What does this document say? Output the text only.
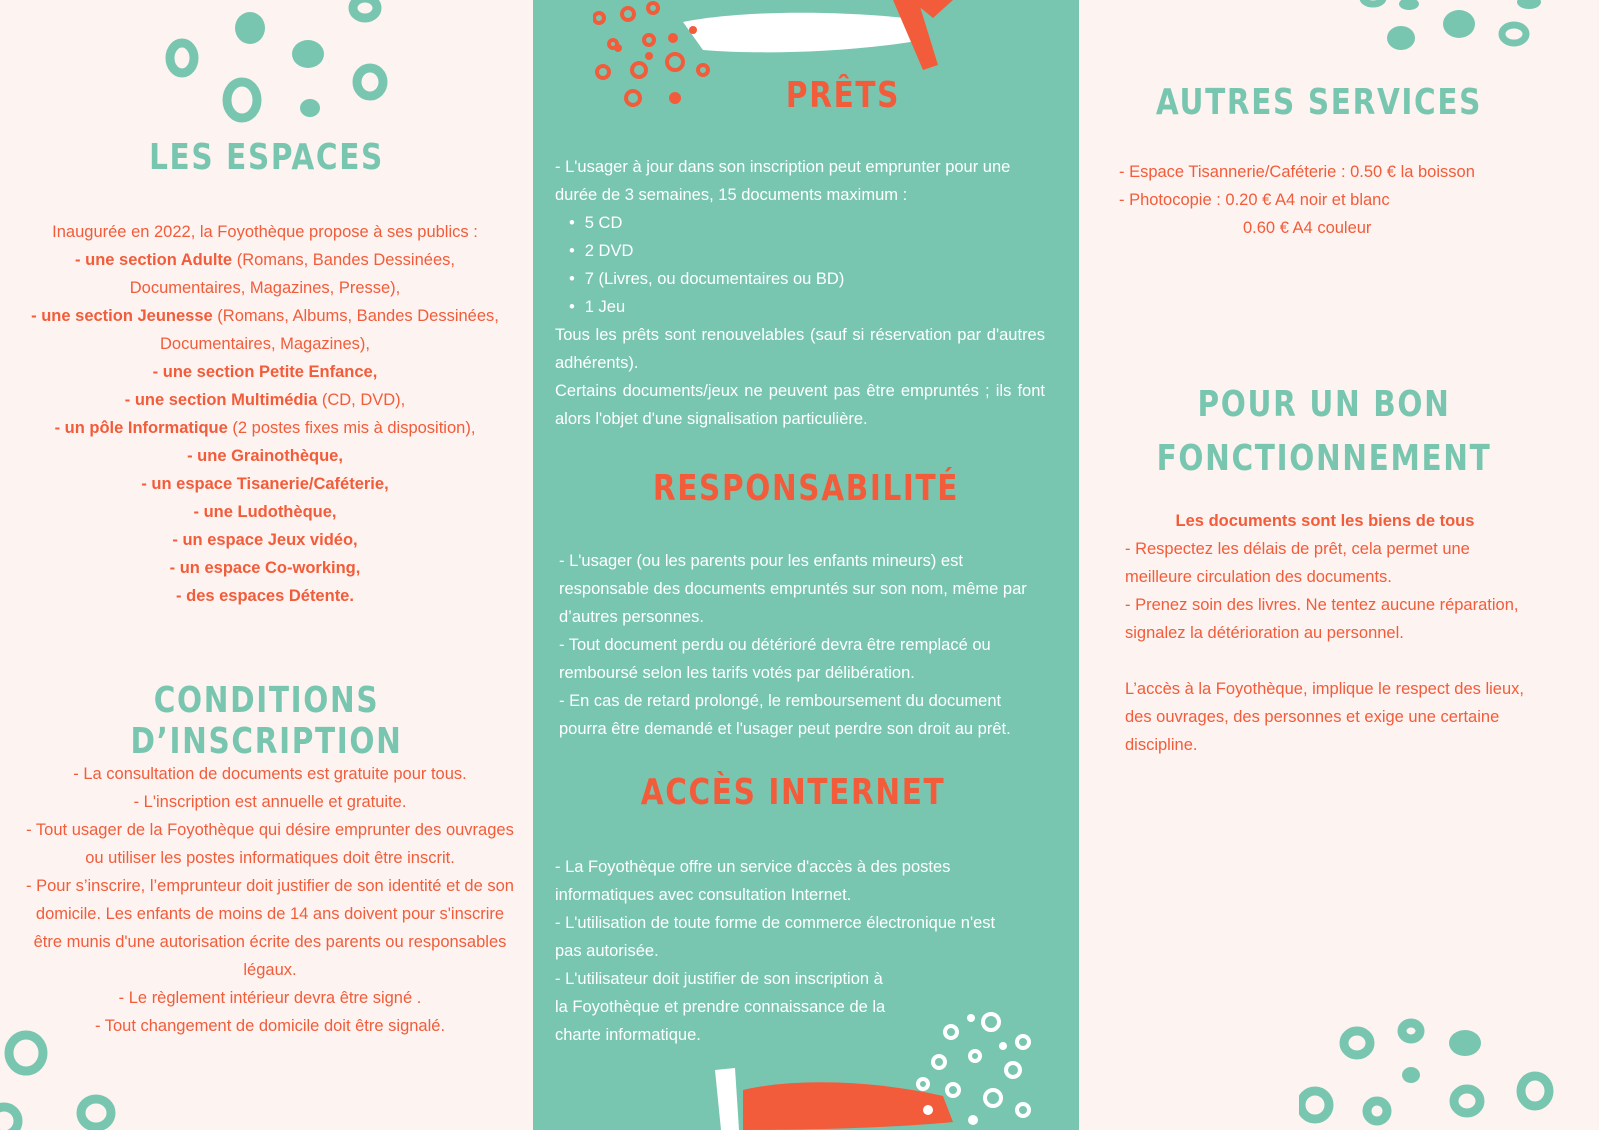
LES ESPACES
Inaugurée en 2022, la Foyothèque propose à ses publics :
- une section Adulte (Romans, Bandes Dessinées, Documentaires, Magazines, Presse),
- une section Jeunesse (Romans, Albums, Bandes Dessinées, Documentaires, Magazines),
- une section Petite Enfance,
- une section Multimédia (CD, DVD),
- un pôle Informatique (2 postes fixes mis à disposition),
- une Grainothèque,
- un espace Tisanerie/Caféterie,
- une Ludothèque,
- un espace Jeux vidéo,
- un espace Co-working,
- des espaces Détente.
CONDITIONS D’INSCRIPTION
- La consultation de documents est gratuite pour tous.
- L'inscription est annuelle et gratuite.
- Tout usager de la Foyothèque qui désire emprunter des ouvrages ou utiliser les postes informatiques doit être inscrit.
- Pour s’inscrire, l’emprunteur doit justifier de son identité et de son domicile. Les enfants de moins de 14 ans doivent pour s'inscrire être munis d'une autorisation écrite des parents ou responsables légaux.
- Le règlement intérieur devra être signé .
- Tout changement de domicile doit être signalé.
PRÊTS
- L'usager à jour dans son inscription peut emprunter pour une durée de 3 semaines, 15 documents maximum :
• 5 CD
• 2 DVD
• 7 (Livres, ou documentaires ou BD)
• 1 Jeu
Tous les prêts sont renouvelables (sauf si réservation par d'autres adhérents).
Certains documents/jeux ne peuvent pas être empruntés ; ils font alors l'objet d'une signalisation particulière.
RESPONSABILITÉ
- L'usager (ou les parents pour les enfants mineurs) est responsable des documents empruntés sur son nom, même par d’autres personnes.
- Tout document perdu ou détérioré devra être remplacé ou remboursé selon les tarifs votés par délibération.
- En cas de retard prolongé, le remboursement du document pourra être demandé et l'usager peut perdre son droit au prêt.
ACCÈS INTERNET
- La Foyothèque offre un service d'accès à des postes informatiques avec consultation Internet.
- L'utilisation de toute forme de commerce électronique n'est pas autorisée.
- L'utilisateur doit justifier de son inscription à la Foyothèque et prendre connaissance de la charte informatique.
AUTRES SERVICES
- Espace Tisannerie/Caféterie : 0.50 € la boisson
- Photocopie : 0.20 € A4 noir et blanc
0.60 € A4 couleur
POUR UN BON
FONCTIONNEMENT
Les documents sont les biens de tous
- Respectez les délais de prêt, cela permet une meilleure circulation des documents.
- Prenez soin des livres. Ne tentez aucune réparation, signalez la détérioration au personnel.
L’accès à la Foyothèque, implique le respect des lieux, des ouvrages, des personnes et exige une certaine discipline.
